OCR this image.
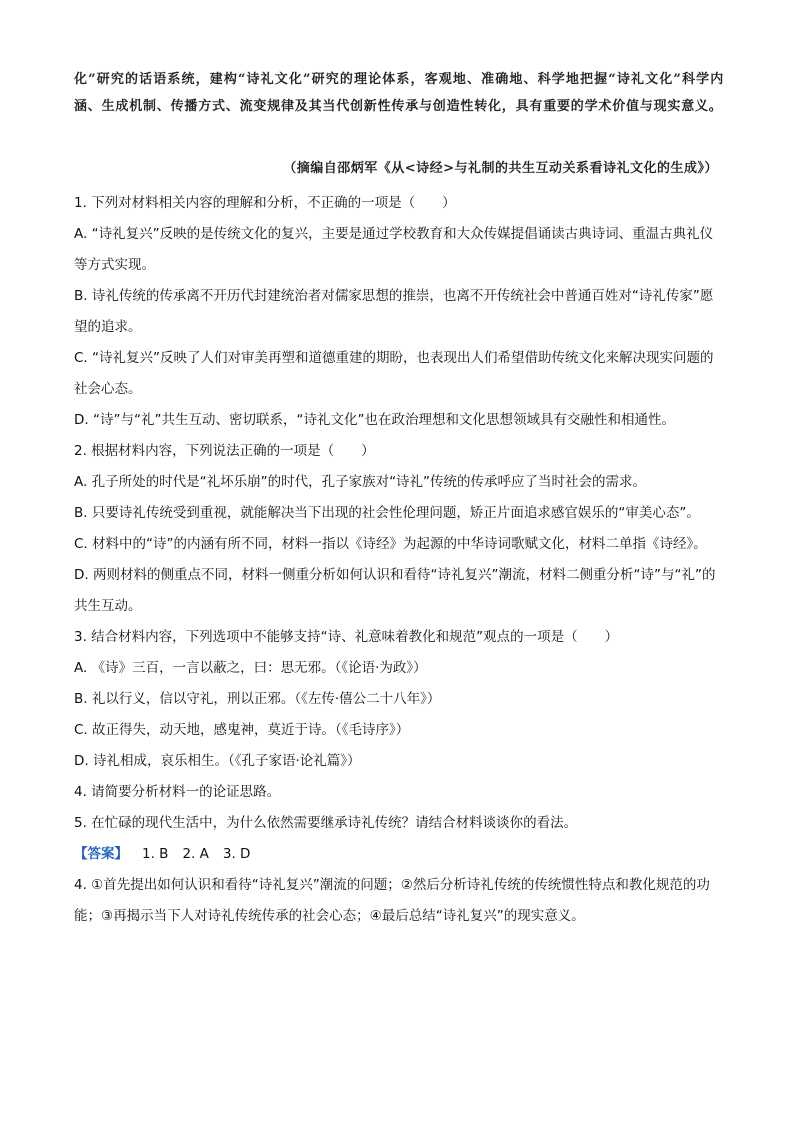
化”研究的话语系统，建构“诗礼文化”研究的理论体系，客观地、准确地、科学地把握“诗礼文化”科学内涵、生成机制、传播方式、流变规律及其当代创新性传承与创造性转化，具有重要的学术价值与现实意义。

（摘编自邵炳军《从<诗经>与礼制的共生互动关系看诗礼文化的生成》）

1. 下列对材料相关内容的理解和分析，不正确的一项是（　　）

A. “诗礼复兴”反映的是传统文化的复兴，主要是通过学校教育和大众传媒提倡诵读古典诗词、重温古典礼仪等方式实现。

B. 诗礼传统的传承离不开历代封建统治者对儒家思想的推崇，也离不开传统社会中普通百姓对“诗礼传家”愿望的追求。

C. “诗礼复兴”反映了人们对审美再塑和道德重建的期盼，也表现出人们希望借助传统文化来解决现实问题的社会心态。

D. “诗”与“礼”共生互动、密切联系，“诗礼文化”也在政治理想和文化思想领域具有交融性和相通性。

2. 根据材料内容，下列说法正确的一项是（　　）

A. 孔子所处的时代是“礼坏乐崩”的时代，孔子家族对“诗礼”传统的传承呼应了当时社会的需求。

B. 只要诗礼传统受到重视，就能解决当下出现的社会性伦理问题，矫正片面追求感官娱乐的“审美心态”。

C. 材料中的“诗”的内涵有所不同，材料一指以《诗经》为起源的中华诗词歌赋文化，材料二单指《诗经》。

D. 两则材料的侧重点不同，材料一侧重分析如何认识和看待“诗礼复兴”潮流，材料二侧重分析“诗”与“礼”的共生互动。

3. 结合材料内容，下列选项中不能够支持“诗、礼意味着教化和规范”观点的一项是（　　）

A. 《诗》三百，一言以蔽之，曰：思无邪。（《论语·为政》）

B. 礼以行义，信以守礼，刑以正邪。（《左传·僖公二十八年》）

C. 故正得失，动天地，感鬼神，莫近于诗。（《毛诗序》）

D. 诗礼相成，哀乐相生。（《孔子家语·论礼篇》）

4. 请简要分析材料一的论证思路。

5. 在忙碌的现代生活中，为什么依然需要继承诗礼传统？请结合材料谈谈你的看法。

【答案】 1. B 2. A 3. D

4. ①首先提出如何认识和看待“诗礼复兴”潮流的问题；②然后分析诗礼传统的传统惯性特点和教化规范的功能；③再揭示当下人对诗礼传统传承的社会心态；④最后总结“诗礼复兴”的现实意义。
